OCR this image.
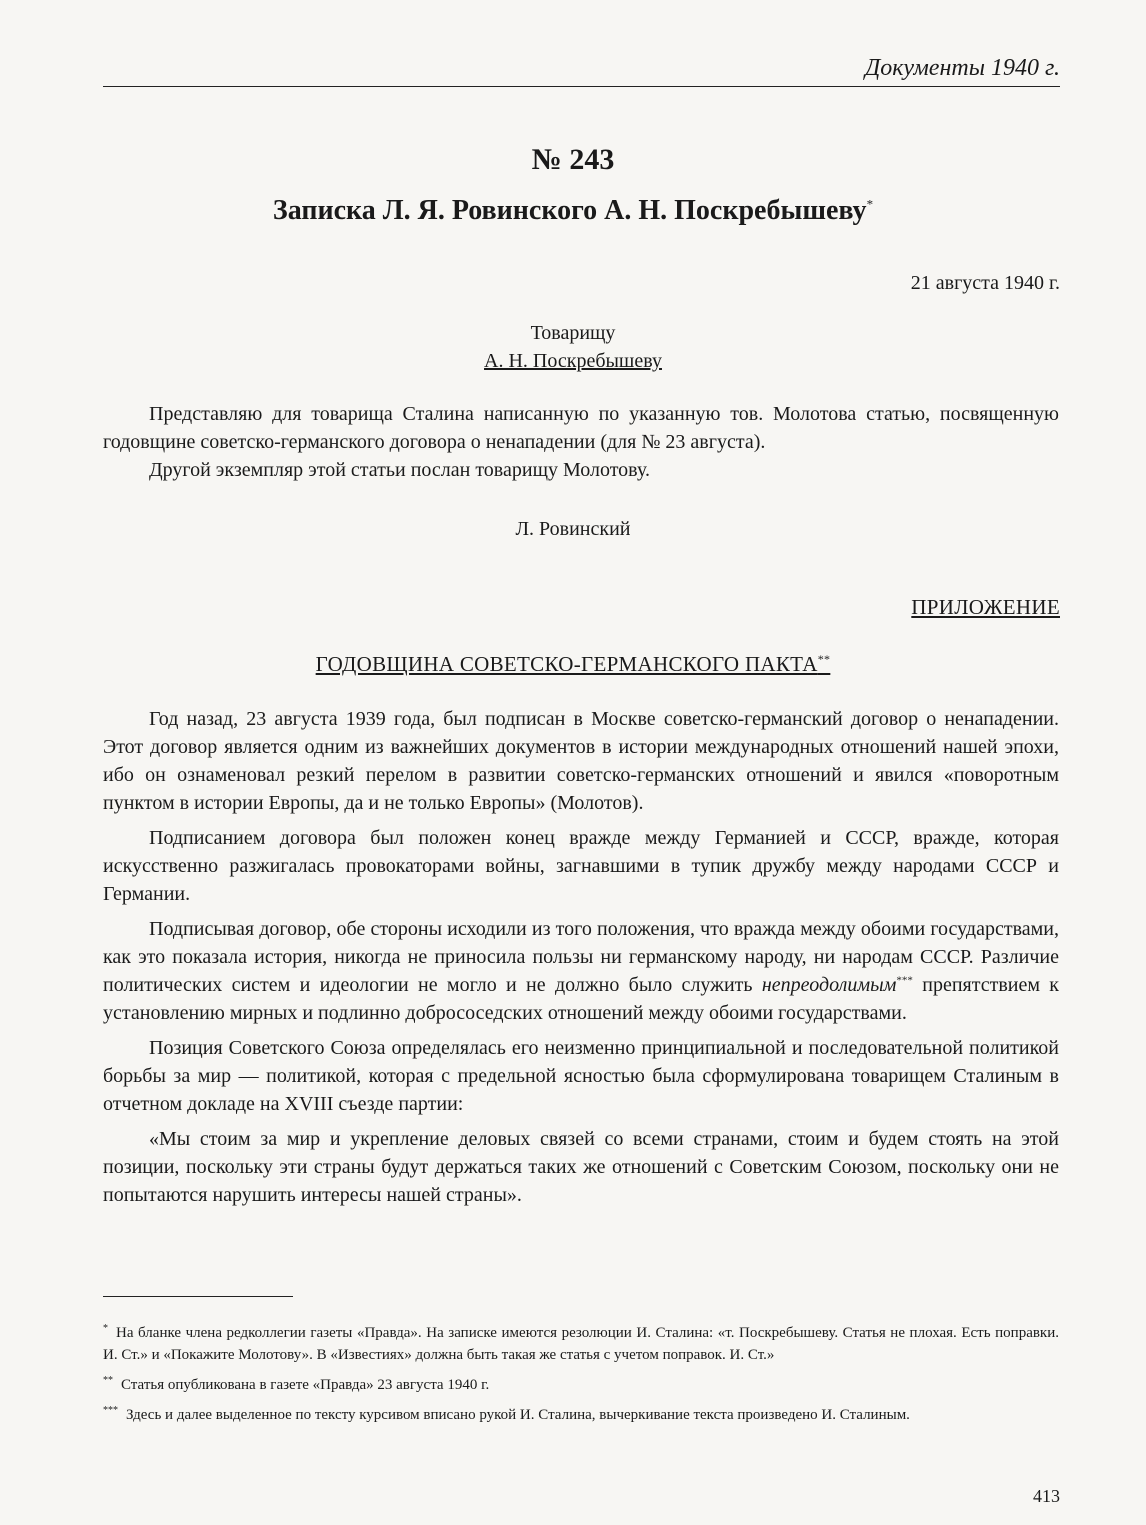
Документы 1940 г.
№ 243
Записка Л. Я. Ровинского А. Н. Поскребышеву*
21 августа 1940 г.
Товарищу
А. Н. Поскребышеву

Представляю для товарища Сталина написанную по указанную тов. Молотова статью, посвященную годовщине советско-германского договора о ненападении (для № 23 августа).

Другой экземпляр этой статьи послан товарищу Молотову.

Л. Ровинский
ПРИЛОЖЕНИЕ
ГОДОВЩИНА СОВЕТСКО-ГЕРМАНСКОГО ПАКТА**

Год назад, 23 августа 1939 года, был подписан в Москве советско-германский договор о ненападении. Этот договор является одним из важнейших документов в истории международных отношений нашей эпохи, ибо он ознаменовал резкий перелом в развитии советско-германских отношений и явился «поворотным пунктом в истории Европы, да и не только Европы» (Молотов).

Подписанием договора был положен конец вражде между Германией и СССР, вражде, которая искусственно разжигалась провокаторами войны, загнавшими в тупик дружбу между народами СССР и Германии.

Подписывая договор, обе стороны исходили из того положения, что вражда между обоими государствами, как это показала история, никогда не приносила пользы ни германскому народу, ни народам СССР. Различие политических систем и идеологии не могло и не должно было служить непреодолимым*** препятствием к установлению мирных и подлинно добрососедских отношений между обоими государствами.

Позиция Советского Союза определялась его неизменно принципиальной и последовательной политикой борьбы за мир — политикой, которая с предельной ясностью была сформулирована товарищем Сталиным в отчетном докладе на XVIII съезде партии:

«Мы стоим за мир и укрепление деловых связей со всеми странами, стоим и будем стоять на этой позиции, поскольку эти страны будут держаться таких же отношений с Советским Союзом, поскольку они не попытаются нарушить интересы нашей страны».

* На бланке члена редколлегии газеты «Правда». На записке имеются резолюции И. Сталина: «т. Поскребышеву. Статья не плохая. Есть поправки. И. Ст.» и «Покажите Молотову». В «Известиях» должна быть такая же статья с учетом поправок. И. Ст.»

** Статья опубликована в газете «Правда» 23 августа 1940 г.

*** Здесь и далее выделенное по тексту курсивом вписано рукой И. Сталина, вычеркивание текста произведено И. Сталиным.

413
